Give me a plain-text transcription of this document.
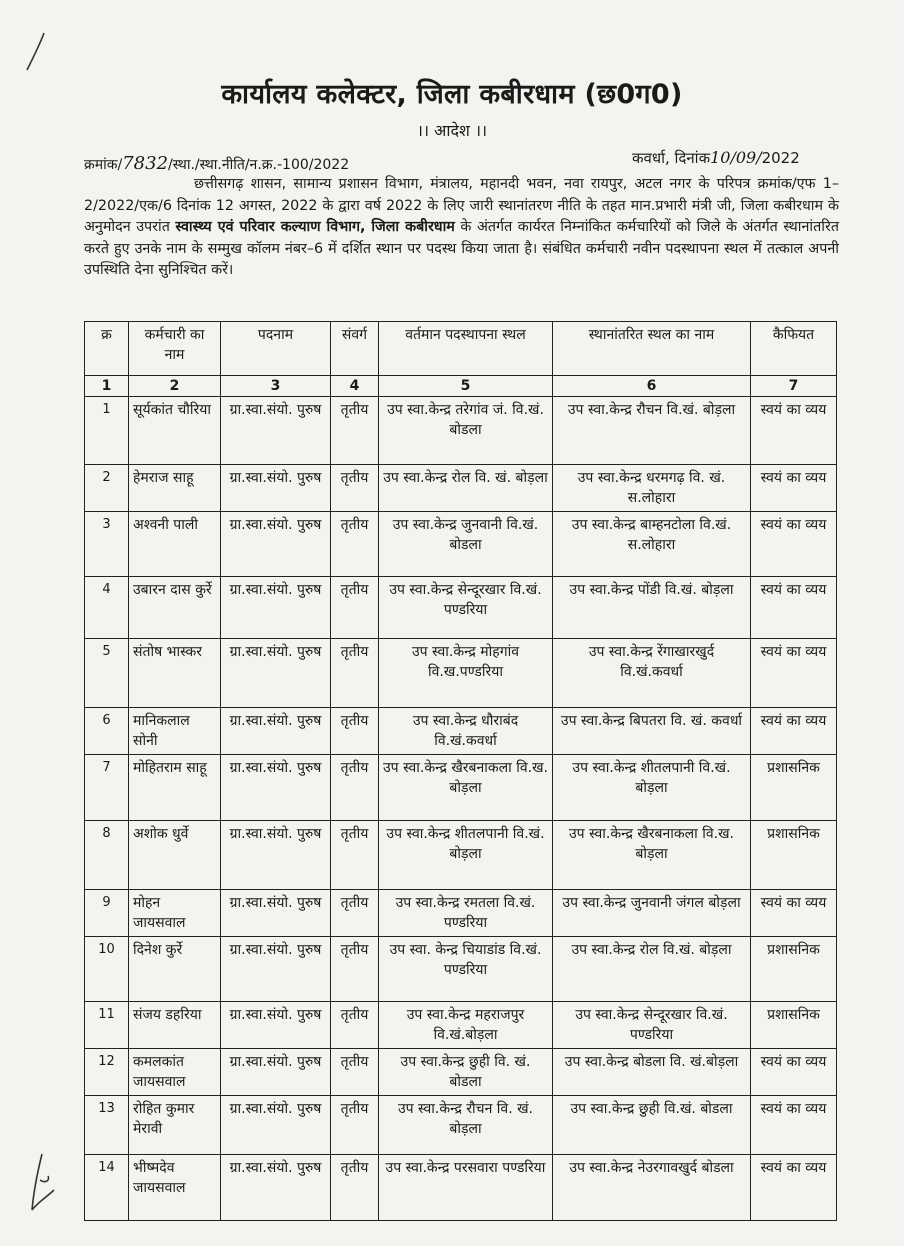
कार्यालय कलेक्टर, जिला कबीरधाम (छ0ग0)
।। आदेश ।।
क्रमांक/7832/स्था./स्था.नीति/न.क्र.-100/2022	कवर्धा, दिनांक10/09/2022
छत्तीसगढ़ शासन, सामान्य प्रशासन विभाग, मंत्रालय, महानदी भवन, नवा रायपुर, अटल नगर के परिपत्र क्रमांक/एफ 1–2/2022/एक/6 दिनांक 12 अगस्त, 2022 के द्वारा वर्ष 2022 के लिए जारी स्थानांतरण नीति के तहत मान.प्रभारी मंत्री जी, जिला कबीरधाम के अनुमोदन उपरांत स्वास्थ्य एवं परिवार कल्याण विभाग, जिला कबीरधाम के अंतर्गत कार्यरत निम्नांकित कर्मचारियों को जिले के अंतर्गत स्थानांतरित करते हुए उनके नाम के सम्मुख कॉलम नंबर–6 में दर्शित स्थान पर पदस्थ किया जाता है। संबंधित कर्मचारी नवीन पदस्थापना स्थल में तत्काल अपनी उपस्थिति देना सुनिश्चित करें।
क्र	कर्मचारी का नाम	पदनाम	संवर्ग	वर्तमान पदस्थापना स्थल	स्थानांतरित स्थल का नाम	कैफियत
1	2	3	4	5	6	7
1	सूर्यकांत चौरिया	ग्रा.स्वा.संयो. पुरुष	तृतीय	उप स्वा.केन्द्र तरेगांव जं. वि.खं. बोडला	उप स्वा.केन्द्र रौचन वि.खं. बोड़ला	स्वयं का व्यय
2	हेमराज साहू	ग्रा.स्वा.संयो. पुरुष	तृतीय	उप स्वा.केन्द्र रोल वि. खं. बोड़ला	उप स्वा.केन्द्र धरमगढ़ वि. खं. स.लोहारा	स्वयं का व्यय
3	अश्वनी पाली	ग्रा.स्वा.संयो. पुरुष	तृतीय	उप स्वा.केन्द्र जुनवानी वि.खं. बोडला	उप स्वा.केन्द्र बाम्हनटोला वि.खं. स.लोहारा	स्वयं का व्यय
4	उबारन दास कुर्रे	ग्रा.स्वा.संयो. पुरुष	तृतीय	उप स्वा.केन्द्र सेन्दूरखार वि.खं. पण्डरिया	उप स्वा.केन्द्र पोंडी वि.खं. बोड़ला	स्वयं का व्यय
5	संतोष भास्कर	ग्रा.स्वा.संयो. पुरुष	तृतीय	उप स्वा.केन्द्र मोहगांव वि.ख.पण्डरिया	उप स्वा.केन्द्र रेंगाखारखुर्द वि.खं.कवर्धा	स्वयं का व्यय
6	मानिकलाल सोनी	ग्रा.स्वा.संयो. पुरुष	तृतीय	उप स्वा.केन्द्र धौराबंद वि.खं.कवर्धा	उप स्वा.केन्द्र बिपतरा वि. खं. कवर्धा	स्वयं का व्यय
7	मोहितराम साहू	ग्रा.स्वा.संयो. पुरुष	तृतीय	उप स्वा.केन्द्र खैरबनाकला वि.ख. बोड़ला	उप स्वा.केन्द्र शीतलपानी वि.खं. बोड़ला	प्रशासनिक
8	अशोक धुर्वे	ग्रा.स्वा.संयो. पुरुष	तृतीय	उप स्वा.केन्द्र शीतलपानी वि.खं. बोड़ला	उप स्वा.केन्द्र खैरबनाकला वि.ख. बोड़ला	प्रशासनिक
9	मोहन जायसवाल	ग्रा.स्वा.संयो. पुरुष	तृतीय	उप स्वा.केन्द्र रमतला वि.खं. पण्डरिया	उप स्वा.केन्द्र जुनवानी जंगल बोड़ला	स्वयं का व्यय
10	दिनेश कुर्रे	ग्रा.स्वा.संयो. पुरुष	तृतीय	उप स्वा. केन्द्र चियाडांड वि.खं. पण्डरिया	उप स्वा.केन्द्र रोल वि.खं. बोड़ला	प्रशासनिक
11	संजय डहरिया	ग्रा.स्वा.संयो. पुरुष	तृतीय	उप स्वा.केन्द्र महराजपुर वि.खं.बोड़ला	उप स्वा.केन्द्र सेन्दूरखार वि.खं. पण्डरिया	प्रशासनिक
12	कमलकांत जायसवाल	ग्रा.स्वा.संयो. पुरुष	तृतीय	उप स्वा.केन्द्र छुही वि. खं. बोडला	उप स्वा.केन्द्र बोडला वि. खं.बोड़ला	स्वयं का व्यय
13	रोहित कुमार मेरावी	ग्रा.स्वा.संयो. पुरुष	तृतीय	उप स्वा.केन्द्र रौचन वि. खं. बोड़ला	उप स्वा.केन्द्र छुही वि.खं. बोडला	स्वयं का व्यय
14	भीष्मदेव जायसवाल	ग्रा.स्वा.संयो. पुरुष	तृतीय	उप स्वा.केन्द्र परसवारा पण्डरिया	उप स्वा.केन्द्र नेउरगावखुर्द बोडला	स्वयं का व्यय
